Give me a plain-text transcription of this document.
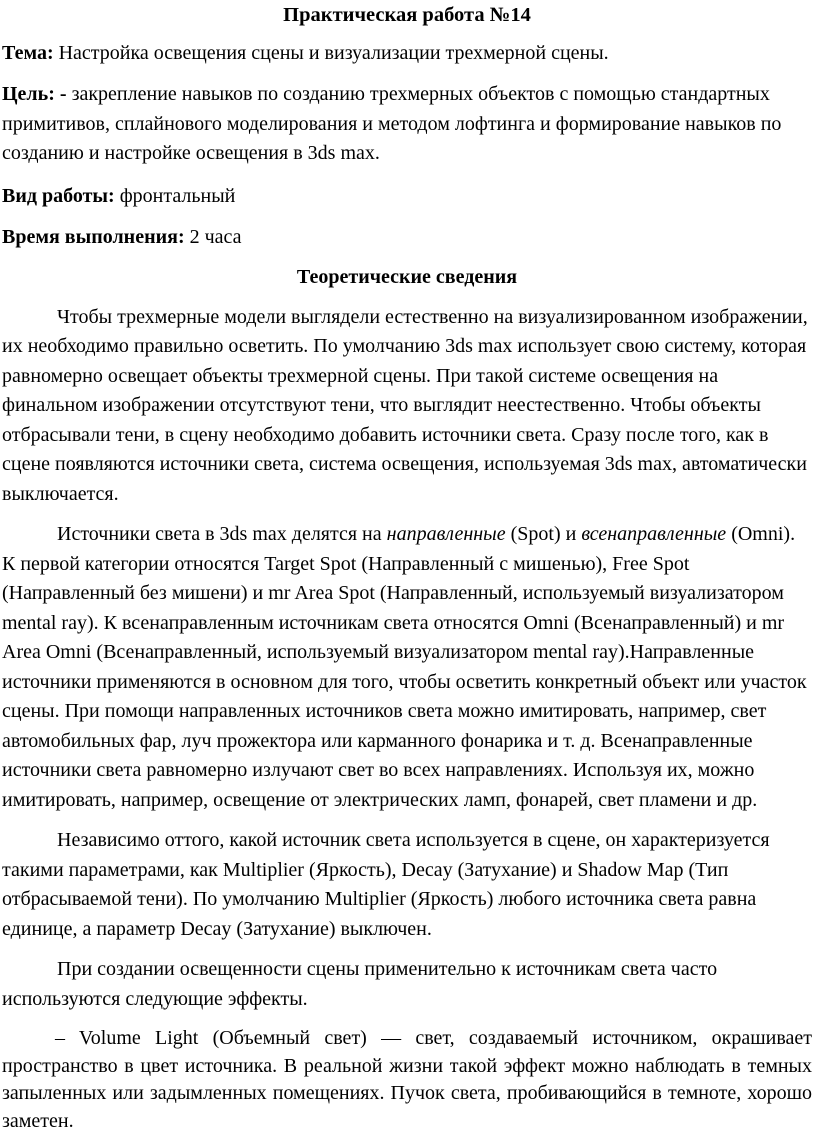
Практическая работа №14

Тема: Настройка освещения сцены и визуализации трехмерной сцены.

Цель: - закрепление навыков по созданию трехмерных объектов с помощью стандартных примитивов, сплайнового моделирования и методом лофтинга и формирование навыков по созданию и настройке освещения в 3ds max.

Вид работы: фронтальный

Время выполнения: 2 часа

Теоретические сведения

Чтобы трехмерные модели выглядели естественно на визуализированном изображении, их необходимо правильно осветить. По умолчанию 3ds max использует свою систему, которая равномерно освещает объекты трехмерной сцены. При такой системе освещения на финальном изображении отсутствуют тени, что выглядит неестественно. Чтобы объекты отбрасывали тени, в сцену необходимо добавить источники света. Сразу после того, как в сцене появляются источники света, система освещения, используемая 3ds max, автоматически выключается.

Источники света в 3ds max делятся на направленные (Spot) и всенаправленные (Omni). К первой категории относятся Target Spot (Направленный с мишенью), Free Spot (Направленный без мишени) и mr Area Spot (Направленный, используемый визуализатором mental ray). К всенаправленным источникам света относятся Omni (Всенаправленный) и mr Area Omni (Всенаправленный, используемый визуализатором mental ray).Направленные источники применяются в основном для того, чтобы осветить конкретный объект или участок сцены. При помощи направленных источников света можно имитировать, например, свет автомобильных фар, луч прожектора или карманного фонарика и т. д. Всенаправленные источники света равномерно излучают свет во всех направлениях. Используя их, можно имитировать, например, освещение от электрических ламп, фонарей, свет пламени и др.

Независимо оттого, какой источник света используется в сцене, он характеризуется такими параметрами, как Multiplier (Яркость), Decay (Затухание) и Shadow Map (Тип отбрасываемой тени). По умолчанию Multiplier (Яркость) любого источника света равна единице, а параметр Decay (Затухание) выключен.

При создании освещенности сцены применительно к источникам света часто используются следующие эффекты.

– Volume Light (Объемный свет) — свет, создаваемый источником, окрашивает пространство в цвет источника. В реальной жизни такой эффект можно наблюдать в темных запыленных или задымленных помещениях. Пучок света, пробивающийся в темноте, хорошо заметен.
